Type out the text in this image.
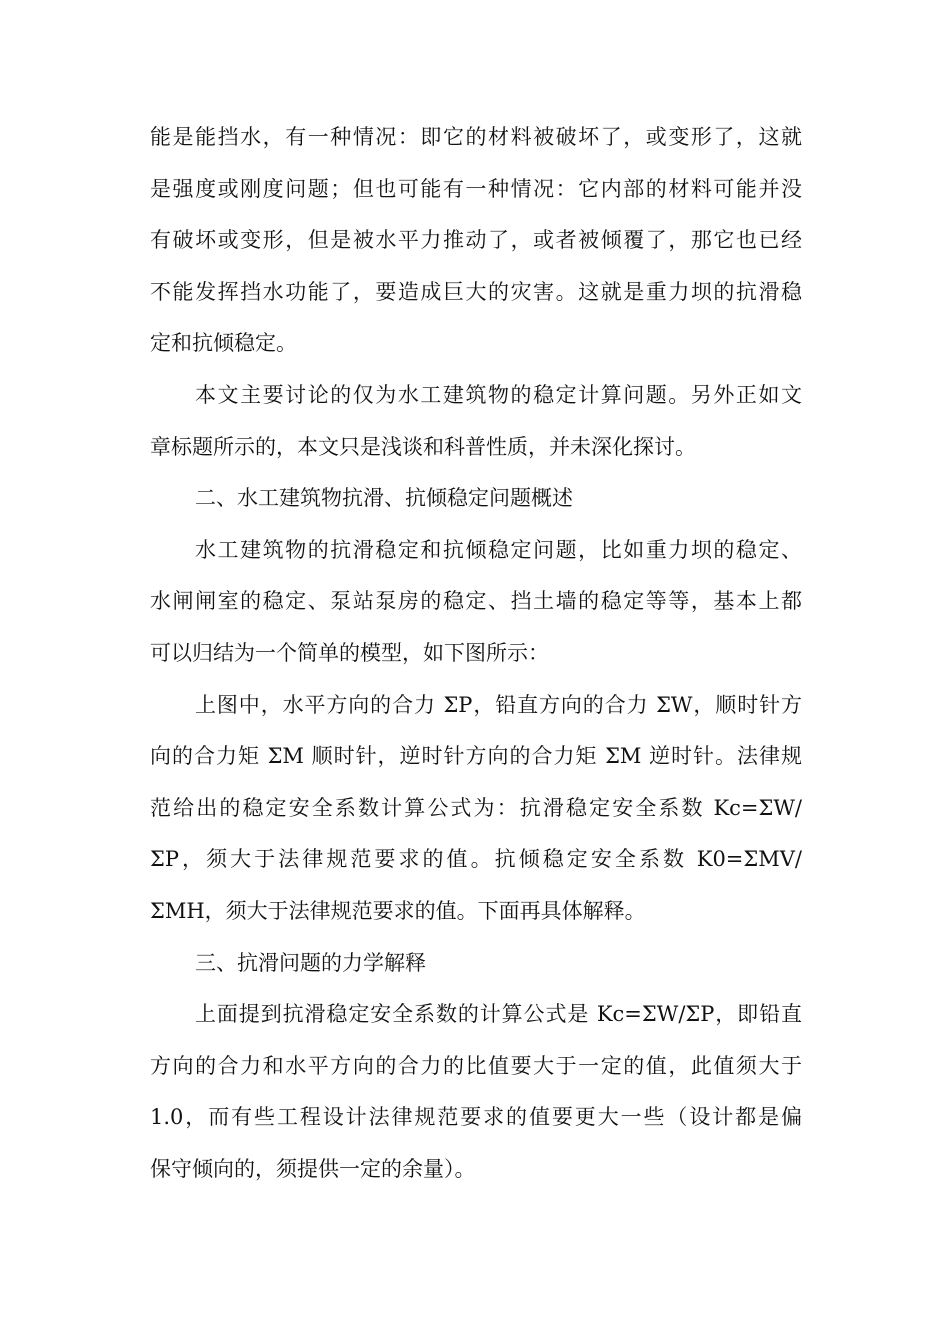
能是能挡水，有一种情况：即它的材料被破坏了，或变形了，这就
是强度或刚度问题；但也可能有一种情况：它内部的材料可能并没
有破坏或变形，但是被水平力推动了，或者被倾覆了，那它也已经
不能发挥挡水功能了，要造成巨大的灾害。这就是重力坝的抗滑稳
定和抗倾稳定。
本文主要讨论的仅为水工建筑物的稳定计算问题。另外正如文
章标题所示的，本文只是浅谈和科普性质，并未深化探讨。
二、水工建筑物抗滑、抗倾稳定问题概述
水工建筑物的抗滑稳定和抗倾稳定问题，比如重力坝的稳定、
水闸闸室的稳定、泵站泵房的稳定、挡土墙的稳定等等，基本上都
可以归结为一个简单的模型，如下图所示：
上图中，水平方向的合力 ΣP，铅直方向的合力 ΣW，顺时针方
向的合力矩 ΣM 顺时针，逆时针方向的合力矩 ΣM 逆时针。法律规
范给出的稳定安全系数计算公式为：抗滑稳定安全系数 Kc=ΣW/
ΣP，须大于法律规范要求的值。抗倾稳定安全系数 K0=ΣMV/
ΣMH，须大于法律规范要求的值。下面再具体解释。
三、抗滑问题的力学解释
上面提到抗滑稳定安全系数的计算公式是 Kc=ΣW/ΣP，即铅直
方向的合力和水平方向的合力的比值要大于一定的值，此值须大于
1.0，而有些工程设计法律规范要求的值要更大一些（设计都是偏
保守倾向的，须提供一定的余量）。
